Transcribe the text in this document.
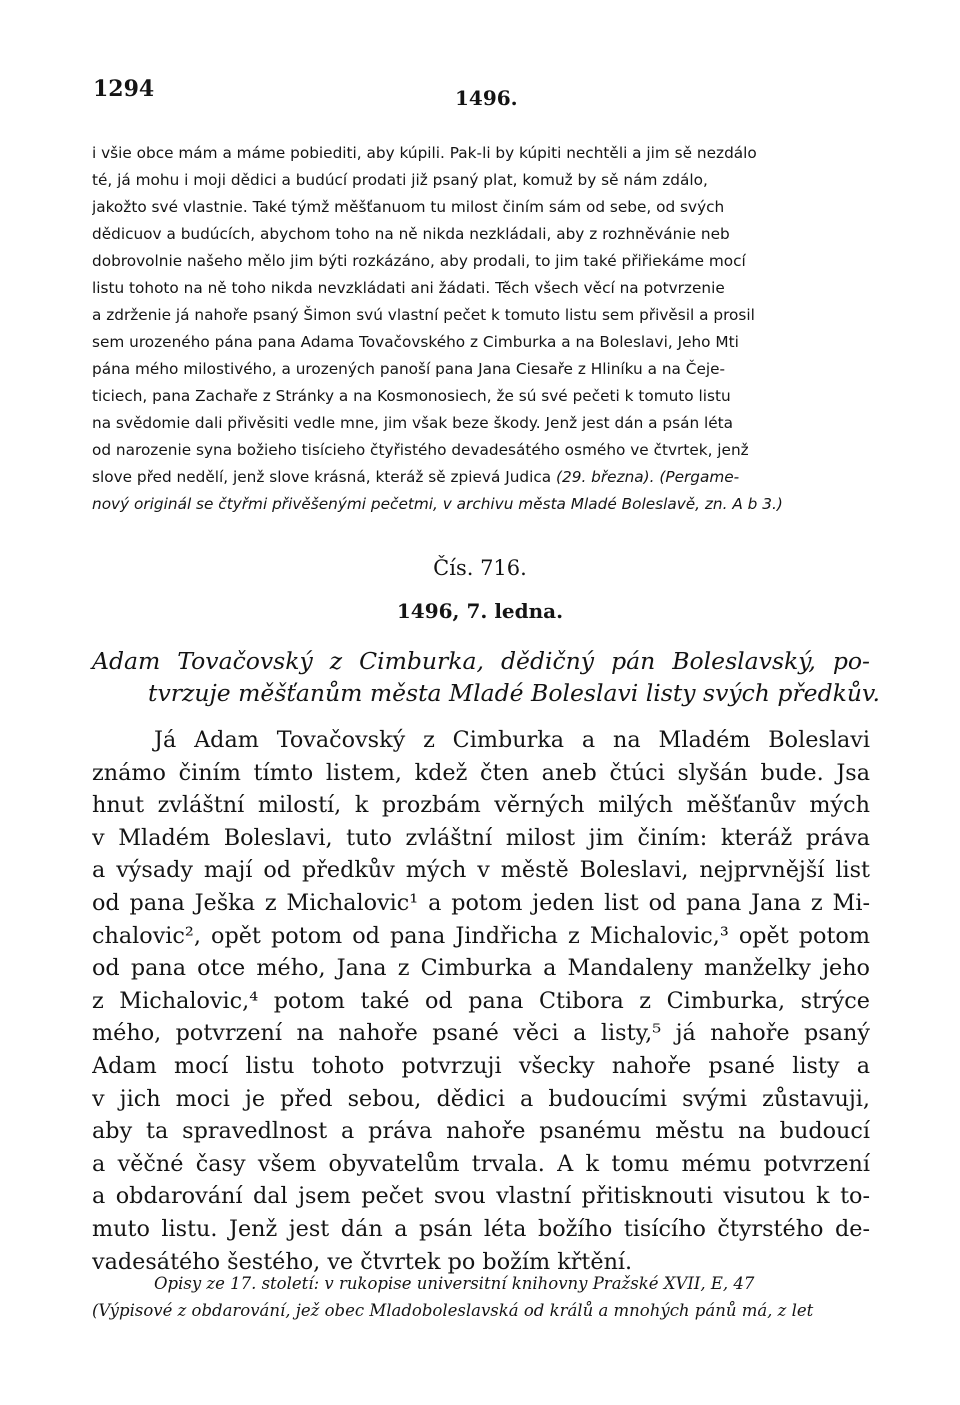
1294	1496.
i všie obce mám a máme pobiediti, aby kúpili. Pak-li by kúpiti nechtěli a jim sě nezdálo
té, já mohu i moji dědici a budúcí prodati již psaný plat, komuž by sě nám zdálo,
jakožto své vlastnie. Také týmž měšťanuom tu milost činím sám od sebe, od svých
dědicuov a budúcích, abychom toho na ně nikda nezkládali, aby z rozhněvánie neb
dobrovolnie našeho mělo jim býti rozkázáno, aby prodali, to jim také přiřiekáme mocí
listu tohoto na ně toho nikda nevzkládati ani žádati. Těch všech věcí na potvrzenie
a zdrženie já nahoře psaný Šimon svú vlastní pečet k tomuto listu sem přivěsil a prosil
sem urozeného pána pana Adama Tovačovského z Cimburka a na Boleslavi, Jeho Mti
pána mého milostivého, a urozených panoší pana Jana Ciesaře z Hliníku a na Čeje-
ticiech, pana Zachaře z Stránky a na Kosmonosiech, že sú své pečeti k tomuto listu
na svědomie dali přivěsiti vedle mne, jim však beze škody. Jenž jest dán a psán léta
od narozenie syna božieho tisícieho čtyřistého devadesátého osmého ve čtvrtek, jenž
slove před nedělí, jenž slove krásná, kteráž sě zpievá Judica (29. března). (Pergame-
nový originál se čtyřmi přivěšenými pečetmi, v archivu města Mladé Boleslavě, zn. A b 3.)
Čís. 716.
1496, 7. ledna.
Adam Tovačovský z Cimburka, dědičný pán Boleslavský, po-
tvrzuje měšťanům města Mladé Boleslavi listy svých předkův.
Já Adam Tovačovský z Cimburka a na Mladém Boleslavi
známo činím tímto listem, kdež čten aneb čtúci slyšán bude. Jsa
hnut zvláštní milostí, k prozbám věrných milých měšťanův mých
v Mladém Boleslavi, tuto zvláštní milost jim činím: kteráž práva
a výsady mají od předkův mých v městě Boleslavi, nejprvnější list
od pana Ješka z Michalovic¹ a potom jeden list od pana Jana z Mi-
chalovic², opět potom od pana Jindřicha z Michalovic,³ opět potom
od pana otce mého, Jana z Cimburka a Mandaleny manželky jeho
z Michalovic,⁴ potom také od pana Ctibora z Cimburka, strýce
mého, potvrzení na nahoře psané věci a listy,⁵ já nahoře psaný
Adam mocí listu tohoto potvrzuji všecky nahoře psané listy a
v jich moci je před sebou, dědici a budoucími svými zůstavuji,
aby ta spravedlnost a práva nahoře psanému městu na budoucí
a věčné časy všem obyvatelům trvala. A k tomu mému potvrzení
a obdarování dal jsem pečet svou vlastní přitisknouti visutou k to-
muto listu. Jenž jest dán a psán léta božího tisícího čtyrstého de-
vadesátého šestého, ve čtvrtek po božím křtění.
Opisy ze 17. století: v rukopise universitní knihovny Pražské XVII, E, 47
(Výpisové z obdarování, jež obec Mladoboleslavská od králů a mnohých pánů má, z let
